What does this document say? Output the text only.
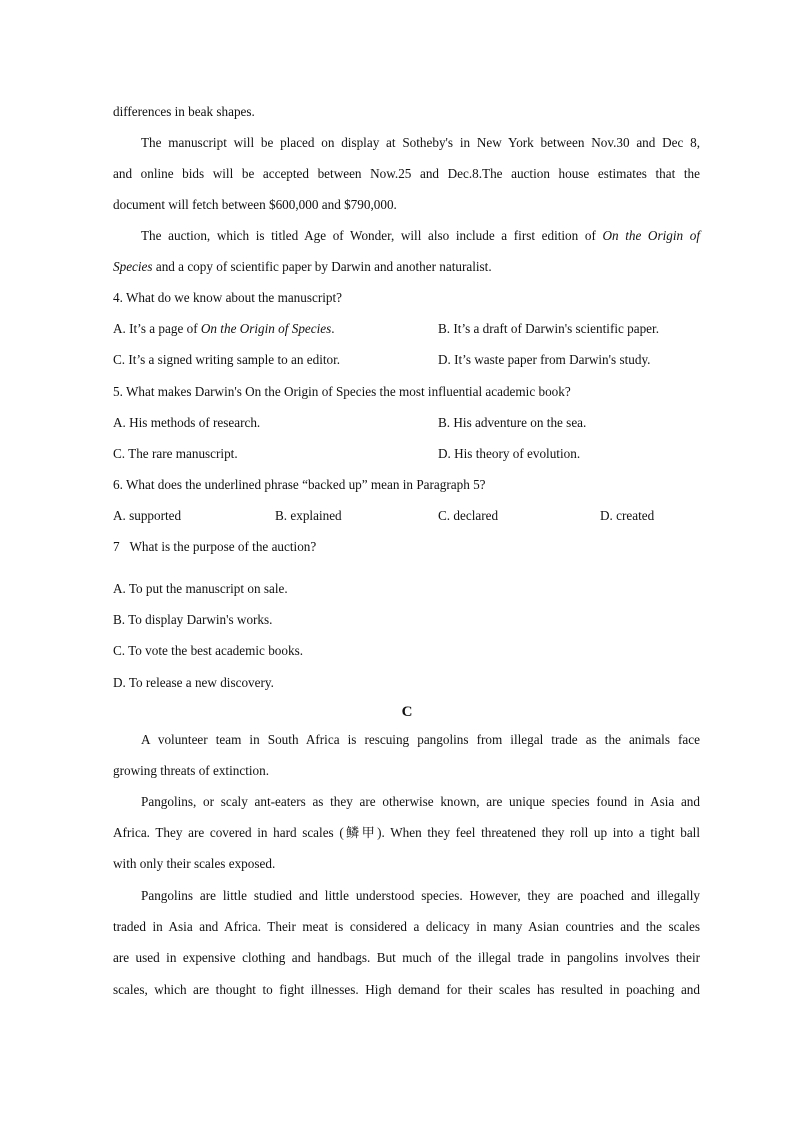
differences in beak shapes.
The manuscript will be placed on display at Sotheby's in New York between Nov.30 and Dec 8,
and online bids will be accepted between Now.25 and Dec.8.The auction house estimates that the
document will fetch between $600,000 and $790,000.
The auction, which is titled Age of Wonder, will also include a first edition of On the Origin of
Species and a copy of scientific paper by Darwin and another naturalist.
4. What do we know about the manuscript?
A. It’s a page of On the Origin of Species.	B. It’s a draft of Darwin's scientific paper.
C. It’s a signed writing sample to an editor.	D. It’s waste paper from Darwin's study.
5. What makes Darwin's On the Origin of Species the most influential academic book?
A. His methods of research.	B. His adventure on the sea.
C. The rare manuscript.	D. His theory of evolution.
6. What does the underlined phrase “backed up” mean in Paragraph 5?
A. supported	B. explained	C. declared	D. created
7   What is the purpose of the auction?
A. To put the manuscript on sale.
B. To display Darwin's works.
C. To vote the best academic books.
D. To release a new discovery.
C
A volunteer team in South Africa is rescuing pangolins from illegal trade as the animals face
growing threats of extinction.
Pangolins, or scaly ant-eaters as they are otherwise known, are unique species found in Asia and
Africa. They are covered in hard scales (鳞甲). When they feel threatened they roll up into a tight ball
with only their scales exposed.
Pangolins are little studied and little understood species. However, they are poached and illegally
traded in Asia and Africa. Their meat is considered a delicacy in many Asian countries and the scales
are used in expensive clothing and handbags. But much of the illegal trade in pangolins involves their
scales, which are thought to fight illnesses. High demand for their scales has resulted in poaching and
